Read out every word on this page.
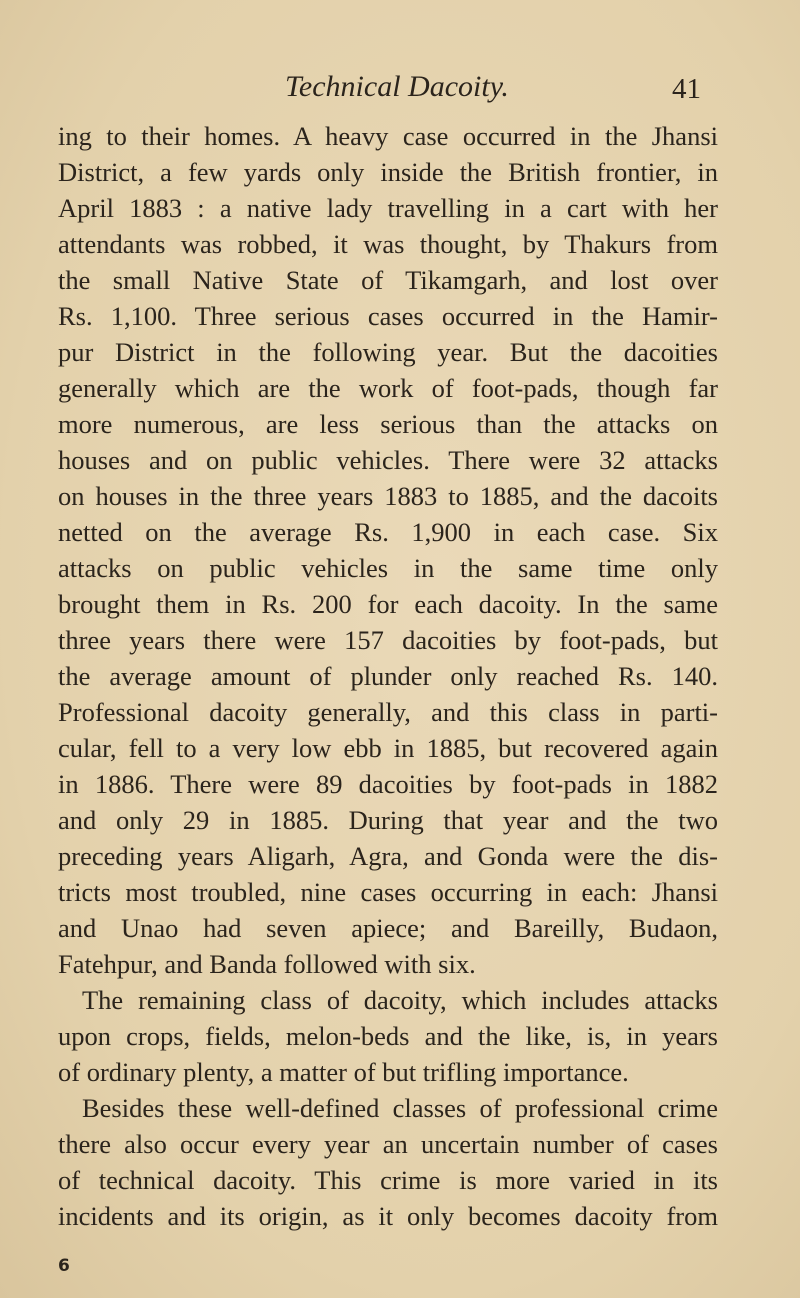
Technical Dacoity.	41
ing to their homes. A heavy case occurred in the Jhansi
District, a few yards only inside the British frontier, in
April 1883 : a native lady travelling in a cart with her
attendants was robbed, it was thought, by Thakurs from
the small Native State of Tikamgarh, and lost over
Rs. 1,100. Three serious cases occurred in the Hamir-
pur District in the following year. But the dacoities
generally which are the work of foot-pads, though far
more numerous, are less serious than the attacks on
houses and on public vehicles. There were 32 attacks
on houses in the three years 1883 to 1885, and the dacoits
netted on the average Rs. 1,900 in each case. Six
attacks on public vehicles in the same time only
brought them in Rs. 200 for each dacoity. In the same
three years there were 157 dacoities by foot-pads, but
the average amount of plunder only reached Rs. 140.
Professional dacoity generally, and this class in parti-
cular, fell to a very low ebb in 1885, but recovered again
in 1886. There were 89 dacoities by foot-pads in 1882
and only 29 in 1885. During that year and the two
preceding years Aligarh, Agra, and Gonda were the dis-
tricts most troubled, nine cases occurring in each: Jhansi
and Unao had seven apiece; and Bareilly, Budaon,
Fatehpur, and Banda followed with six.
The remaining class of dacoity, which includes attacks
upon crops, fields, melon-beds and the like, is, in years
of ordinary plenty, a matter of but trifling importance.
Besides these well-defined classes of professional crime
there also occur every year an uncertain number of cases
of technical dacoity. This crime is more varied in its
incidents and its origin, as it only becomes dacoity from
6
